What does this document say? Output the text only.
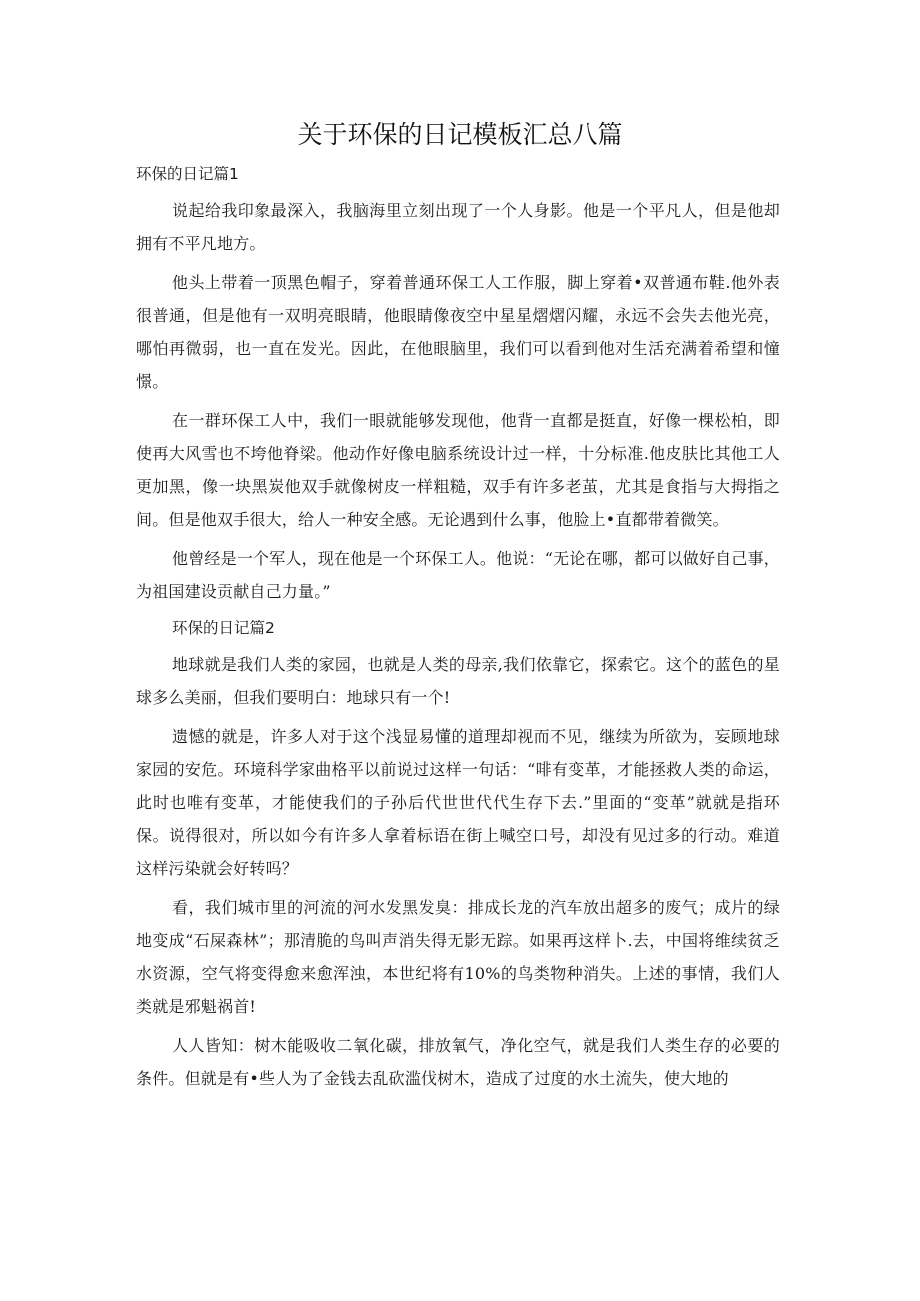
关于环保的日记模板汇总八篇
环保的日记篇1

说起给我印象最深入，我脑海里立刻出现了一个人身影。他是一个平凡人，但是他却拥有不平凡地方。

他头上带着一顶黑色帽子，穿着普通环保工人工作服，脚上穿着•双普通布鞋.他外表很普通，但是他有一双明亮眼睛，他眼睛像夜空中星星熠熠闪耀，永远不会失去他光亮，哪怕再微弱，也一直在发光。因此，在他眼脑里，我们可以看到他对生活充满着希望和憧憬。

在一群环保工人中，我们一眼就能够发现他，他背一直都是挺直，好像一棵松柏，即使再大风雪也不垮他脊梁。他动作好像电脑系统设计过一样，十分标准.他皮肤比其他工人更加黑，像一块黑炭他双手就像树皮一样粗糙，双手有许多老茧，尤其是食指与大拇指之间。但是他双手很大，给人一种安全感。无论遇到什么事，他脸上•直都带着微笑。

他曾经是一个军人，现在他是一个环保工人。他说：“无论在哪，都可以做好自己事，为祖国建设贡献自己力量。”

环保的日记篇2

地球就是我们人类的家园，也就是人类的母亲,我们依靠它，探索它。这个的蓝色的星球多么美丽，但我们要明白：地球只有一个!

遗憾的就是，许多人对于这个浅显易懂的道理却视而不见，继续为所欲为，妄顾地球家园的安危。环境科学家曲格平以前说过这样一句话：“啡有变革，才能拯救人类的命运，此时也唯有变革，才能使我们的子孙后代世世代代生存下去.”里面的“变革”就就是指环保。说得很对，所以如今有许多人拿着标语在街上喊空口号，却没有见过多的行动。难道这样污染就会好转吗？

看，我们城市里的河流的河水发黑发臭：排成长龙的汽车放出超多的废气；成片的绿地变成“石屎森林”；那清脆的鸟叫声消失得无影无踪。如果再这样卜.去，中国将维续贫乏水资源，空气将变得愈来愈浑浊，本世纪将有10%的鸟类物种消失。上述的事情，我们人类就是邪魁祸首!

人人皆知：树木能吸收二氧化碳，排放氧气，净化空气，就是我们人类生存的必要的条件。但就是有•些人为了金钱去乱砍滥伐树木，造成了过度的水土流失，使大地的
